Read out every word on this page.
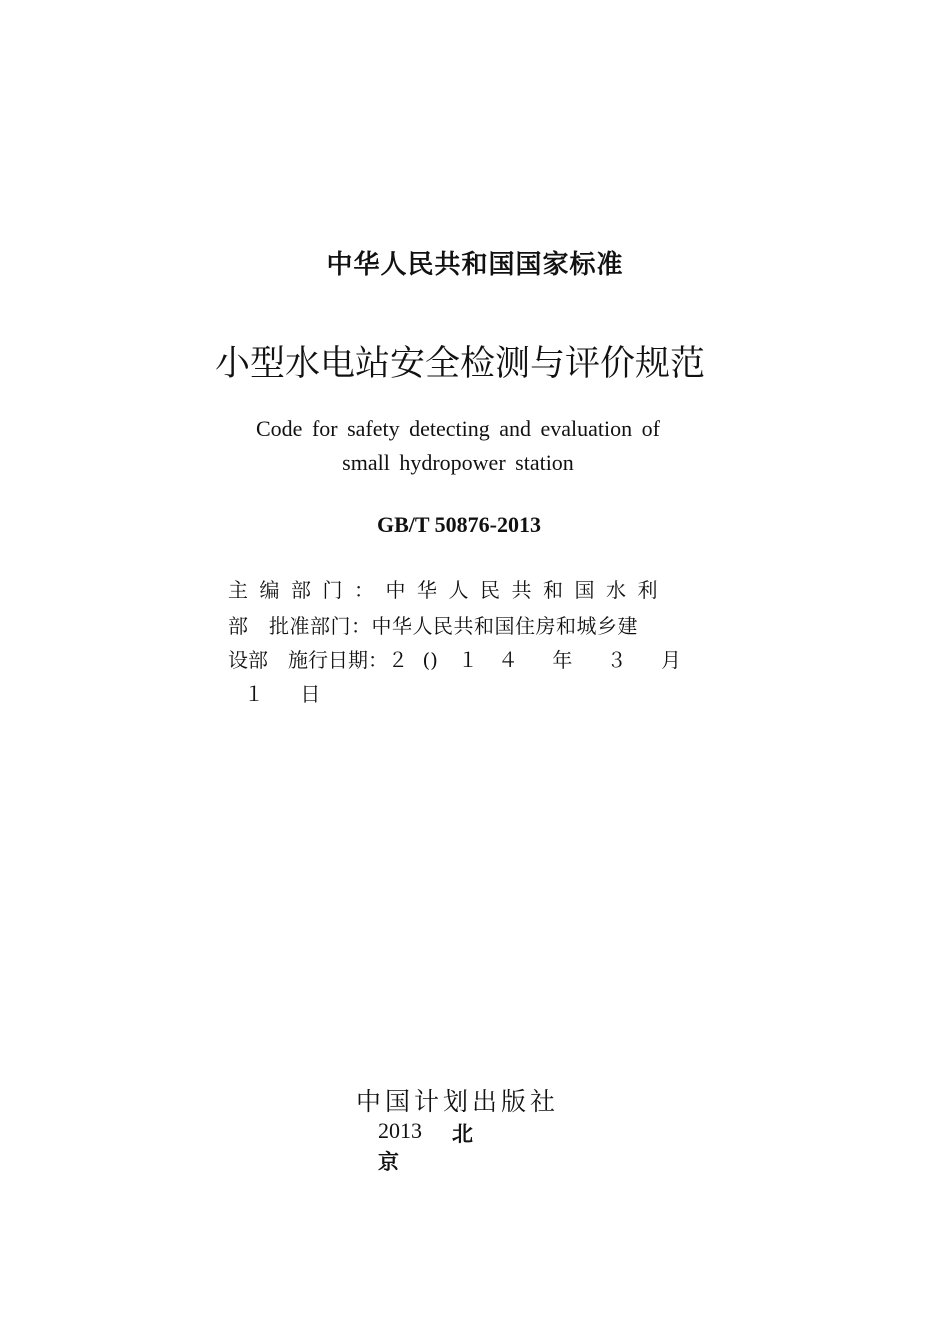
中华人民共和国国家标准
小型水电站安全检测与评价规范
Code for safety detecting and evaluation of
small hydropower station
GB/T 50876-2013
主编部门：中华人民共和国水利
部　批准部门：中华人民共和国住房和城乡建
设部　施行日期：２ ()　１　４　 年 　３ 　月
１ 日
中国计划出版社
2013 北
京
